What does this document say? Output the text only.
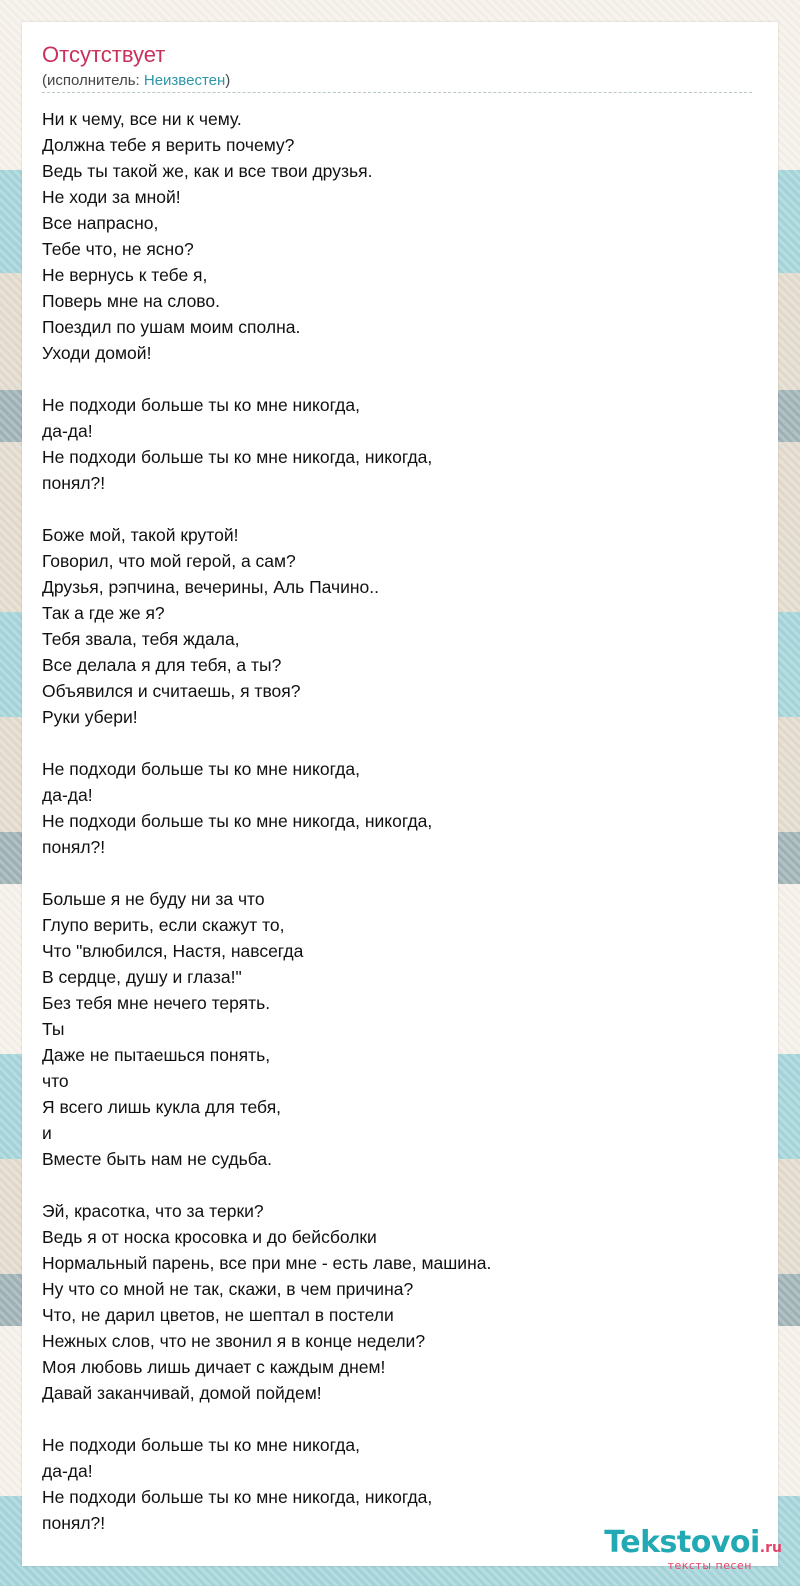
Отсутствует
(исполнитель: Неизвестен)
Ни к чему, все ни к чему.
Должна тебе я верить почему?
Ведь ты такой же, как и все твои друзья.
Не ходи за мной!
Все напрасно,
Тебе что, не ясно?
Не вернусь к тебе я,
Поверь мне на слово.
Поездил по ушам моим сполна.
Уходи домой!
Не подходи больше ты ко мне никогда,
да-да!
Не подходи больше ты ко мне никогда, никогда,
понял?!
Боже мой, такой крутой!
Говорил, что мой герой, а сам?
Друзья, рэпчина, вечерины, Аль Пачино..
Так а где же я?
Тебя звала, тебя ждала,
Все делала я для тебя, а ты?
Объявился и считаешь, я твоя?
Руки убери!
Не подходи больше ты ко мне никогда,
да-да!
Не подходи больше ты ко мне никогда, никогда,
понял?!
Больше я не буду ни за что
Глупо верить, если скажут то,
Что "влюбился, Настя, навсегда
В сердце, душу и глаза!"
Без тебя мне нечего терять.
Ты
Даже не пытаешься понять,
что
Я всего лишь кукла для тебя,
и
Вместе быть нам не судьба.
Эй, красотка, что за терки?
Ведь я от носка кросовка и до бейсболки
Нормальный парень, все при мне - есть лаве, машина.
Ну что со мной не так, скажи, в чем причина?
Что, не дарил цветов, не шептал в постели
Нежных слов, что не звонил я в конце недели?
Моя любовь лишь дичает с каждым днем!
Давай заканчивай, домой пойдем!
Не подходи больше ты ко мне никогда,
да-да!
Не подходи больше ты ко мне никогда, никогда,
понял?!
Tekstovoi.ru
тексты песен
